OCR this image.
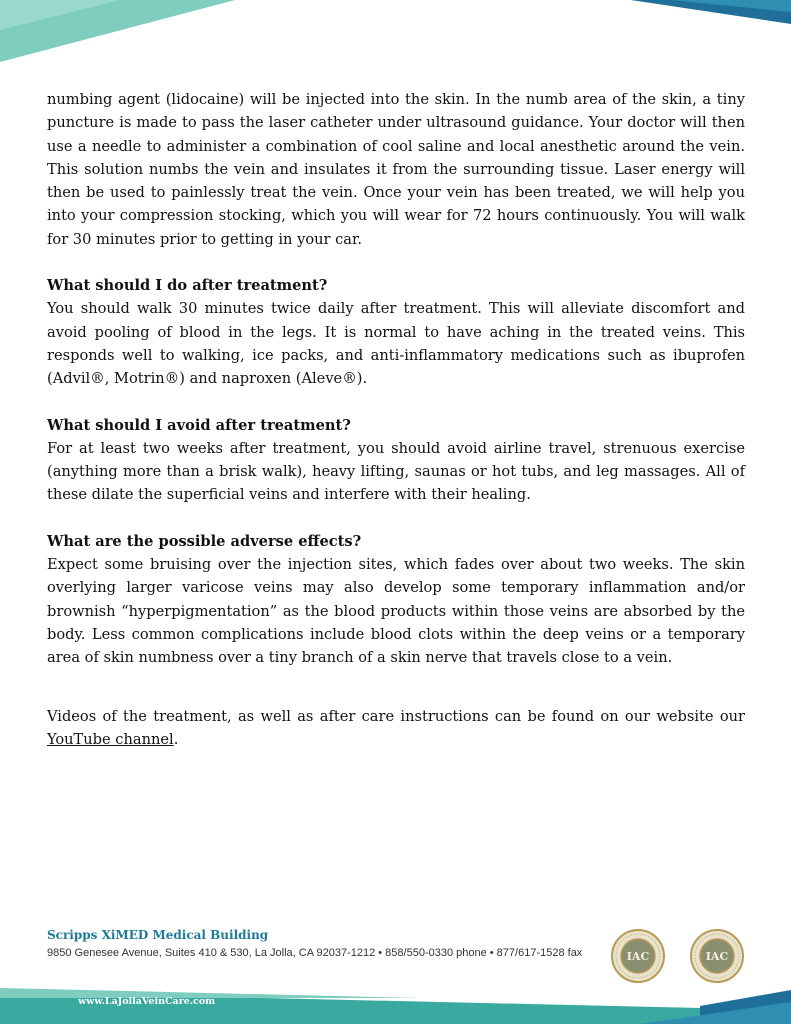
numbing agent (lidocaine) will be injected into the skin. In the numb area of the skin, a tiny puncture is made to pass the laser catheter under ultrasound guidance. Your doctor will then use a needle to administer a combination of cool saline and local anesthetic around the vein. This solution numbs the vein and insulates it from the surrounding tissue. Laser energy will then be used to painlessly treat the vein. Once your vein has been treated, we will help you into your compression stocking, which you will wear for 72 hours continuously. You will walk for 30 minutes prior to getting in your car.

What should I do after treatment?

You should walk 30 minutes twice daily after treatment. This will alleviate discomfort and avoid pooling of blood in the legs. It is normal to have aching in the treated veins. This responds well to walking, ice packs, and anti-inflammatory medications such as ibuprofen (Advil®, Motrin®) and naproxen (Aleve®).

What should I avoid after treatment?

For at least two weeks after treatment, you should avoid airline travel, strenuous exercise (anything more than a brisk walk), heavy lifting, saunas or hot tubs, and leg massages. All of these dilate the superficial veins and interfere with their healing.

What are the possible adverse effects?

Expect some bruising over the injection sites, which fades over about two weeks. The skin overlying larger varicose veins may also develop some temporary inflammation and/or brownish “hyperpigmentation” as the blood products within those veins are absorbed by the body. Less common complications include blood clots within the deep veins or a temporary area of skin numbness over a tiny branch of a skin nerve that travels close to a vein.

Videos of the treatment, as well as after care instructions can be found on our website our YouTube channel.

Scripps XiMED Medical Building
9850 Genesee Avenue, Suites 410 & 530, La Jolla, CA 92037-1212 • 858/550-0330 phone • 877/617-1528 fax	IAC	IAC
www.LaJollaVeinCare.com
